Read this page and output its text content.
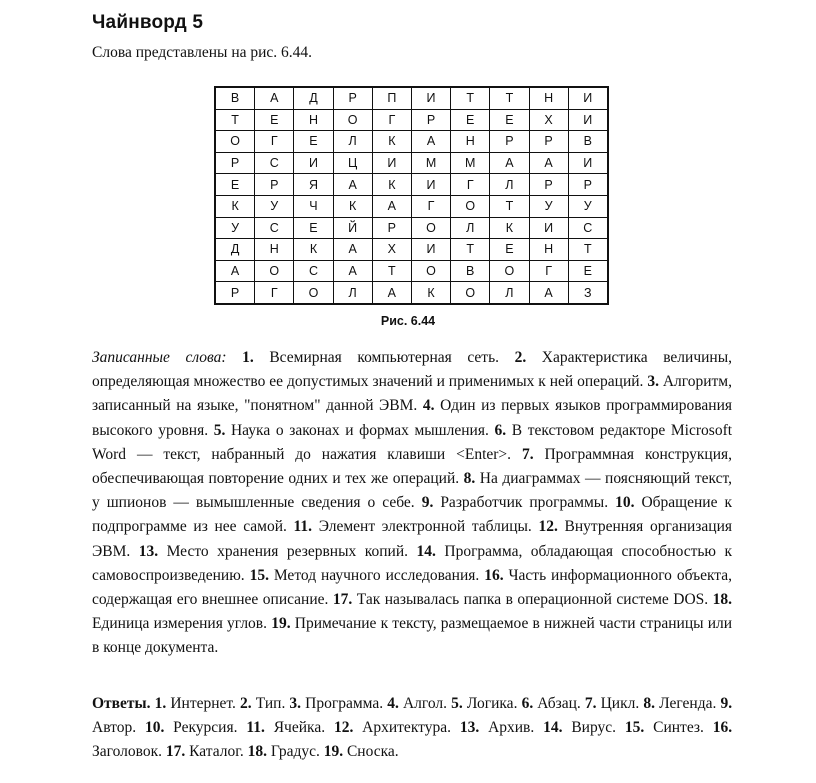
Чайнворд 5
Слова представлены на рис. 6.44.
В	А	Д	Р	П	И	Т	Т	Н	И
Т	Е	Н	О	Г	Р	Е	Е	Х	И
О	Г	Е	Л	К	А	Н	Р	Р	В
Р	С	И	Ц	И	М	М	А	А	И
Е	Р	Я	А	К	И	Г	Л	Р	Р
К	У	Ч	К	А	Г	О	Т	У	У
У	С	Е	Й	Р	О	Л	К	И	С
Д	Н	К	А	Х	И	Т	Е	Н	Т
А	О	С	А	Т	О	В	О	Г	Е
Р	Г	О	Л	А	К	О	Л	А	З
Рис. 6.44
Записанные слова: 1. Всемирная компьютерная сеть. 2. Характеристика величины, определяющая множество ее допустимых значений и применимых к ней операций. 3. Алгоритм, записанный на языке, "понятном" данной ЭВМ. 4. Один из первых языков программирования высокого уровня. 5. Наука о законах и формах мышления. 6. В текстовом редакторе Microsoft Word — текст, набранный до нажатия клавиши <Enter>. 7. Программная конструкция, обеспечивающая повторение одних и тех же операций. 8. На диаграммах — поясняющий текст, у шпионов — вымышленные сведения о себе. 9. Разработчик программы. 10. Обращение к подпрограмме из нее самой. 11. Элемент электронной таблицы. 12. Внутренняя организация ЭВМ. 13. Место хранения резервных копий. 14. Программа, обладающая способностью к самовоспроизведению. 15. Метод научного исследования. 16. Часть информационного объекта, содержащая его внешнее описание. 17. Так называлась папка в операционной системе DOS. 18. Единица измерения углов. 19. Примечание к тексту, размещаемое в нижней части страницы или в конце документа.
Ответы. 1. Интернет. 2. Тип. 3. Программа. 4. Алгол. 5. Логика. 6. Абзац. 7. Цикл. 8. Легенда. 9. Автор. 10. Рекурсия. 11. Ячейка. 12. Архитектура. 13. Архив. 14. Вирус. 15. Синтез. 16. Заголовок. 17. Каталог. 18. Градус. 19. Сноска.
